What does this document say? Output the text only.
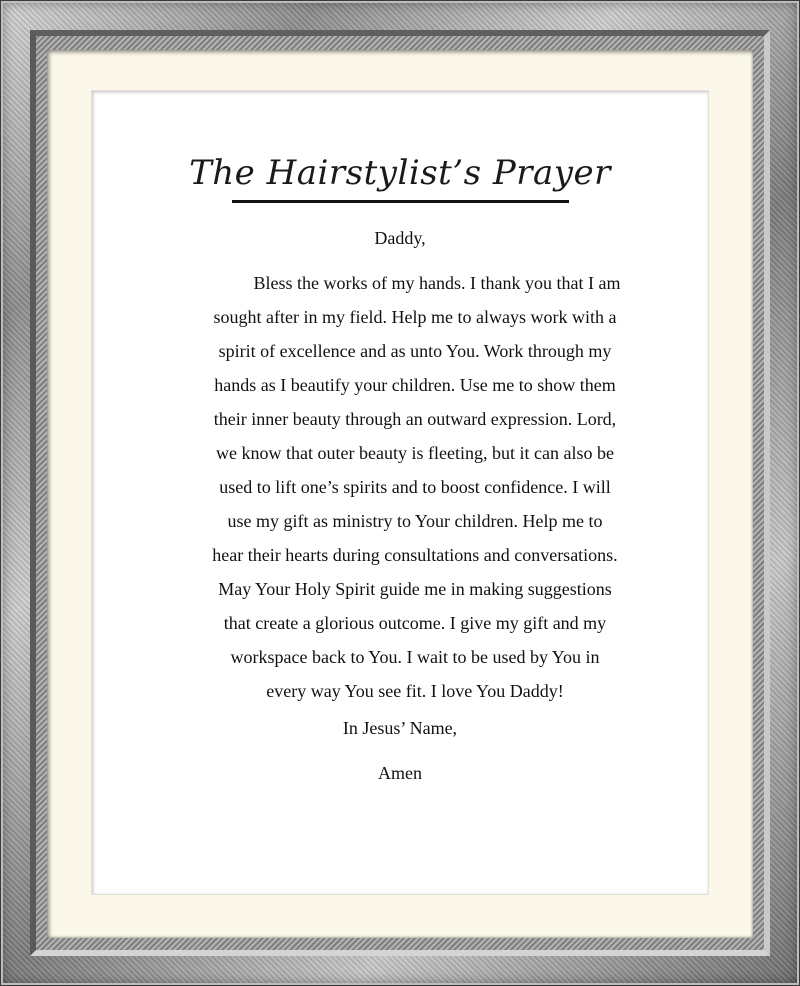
The Hairstylist’s Prayer
Daddy,
Bless the works of my hands. I thank you that I am
sought after in my field. Help me to always work with a
spirit of excellence and as unto You. Work through my
hands as I beautify your children. Use me to show them
their inner beauty through an outward expression. Lord,
we know that outer beauty is fleeting, but it can also be
used to lift one’s spirits and to boost confidence. I will
use my gift as ministry to Your children. Help me to
hear their hearts during consultations and conversations.
May Your Holy Spirit guide me in making suggestions
that create a glorious outcome. I give my gift and my
workspace back to You. I wait to be used by You in
every way You see fit. I love You Daddy!
In Jesus’ Name,
Amen
